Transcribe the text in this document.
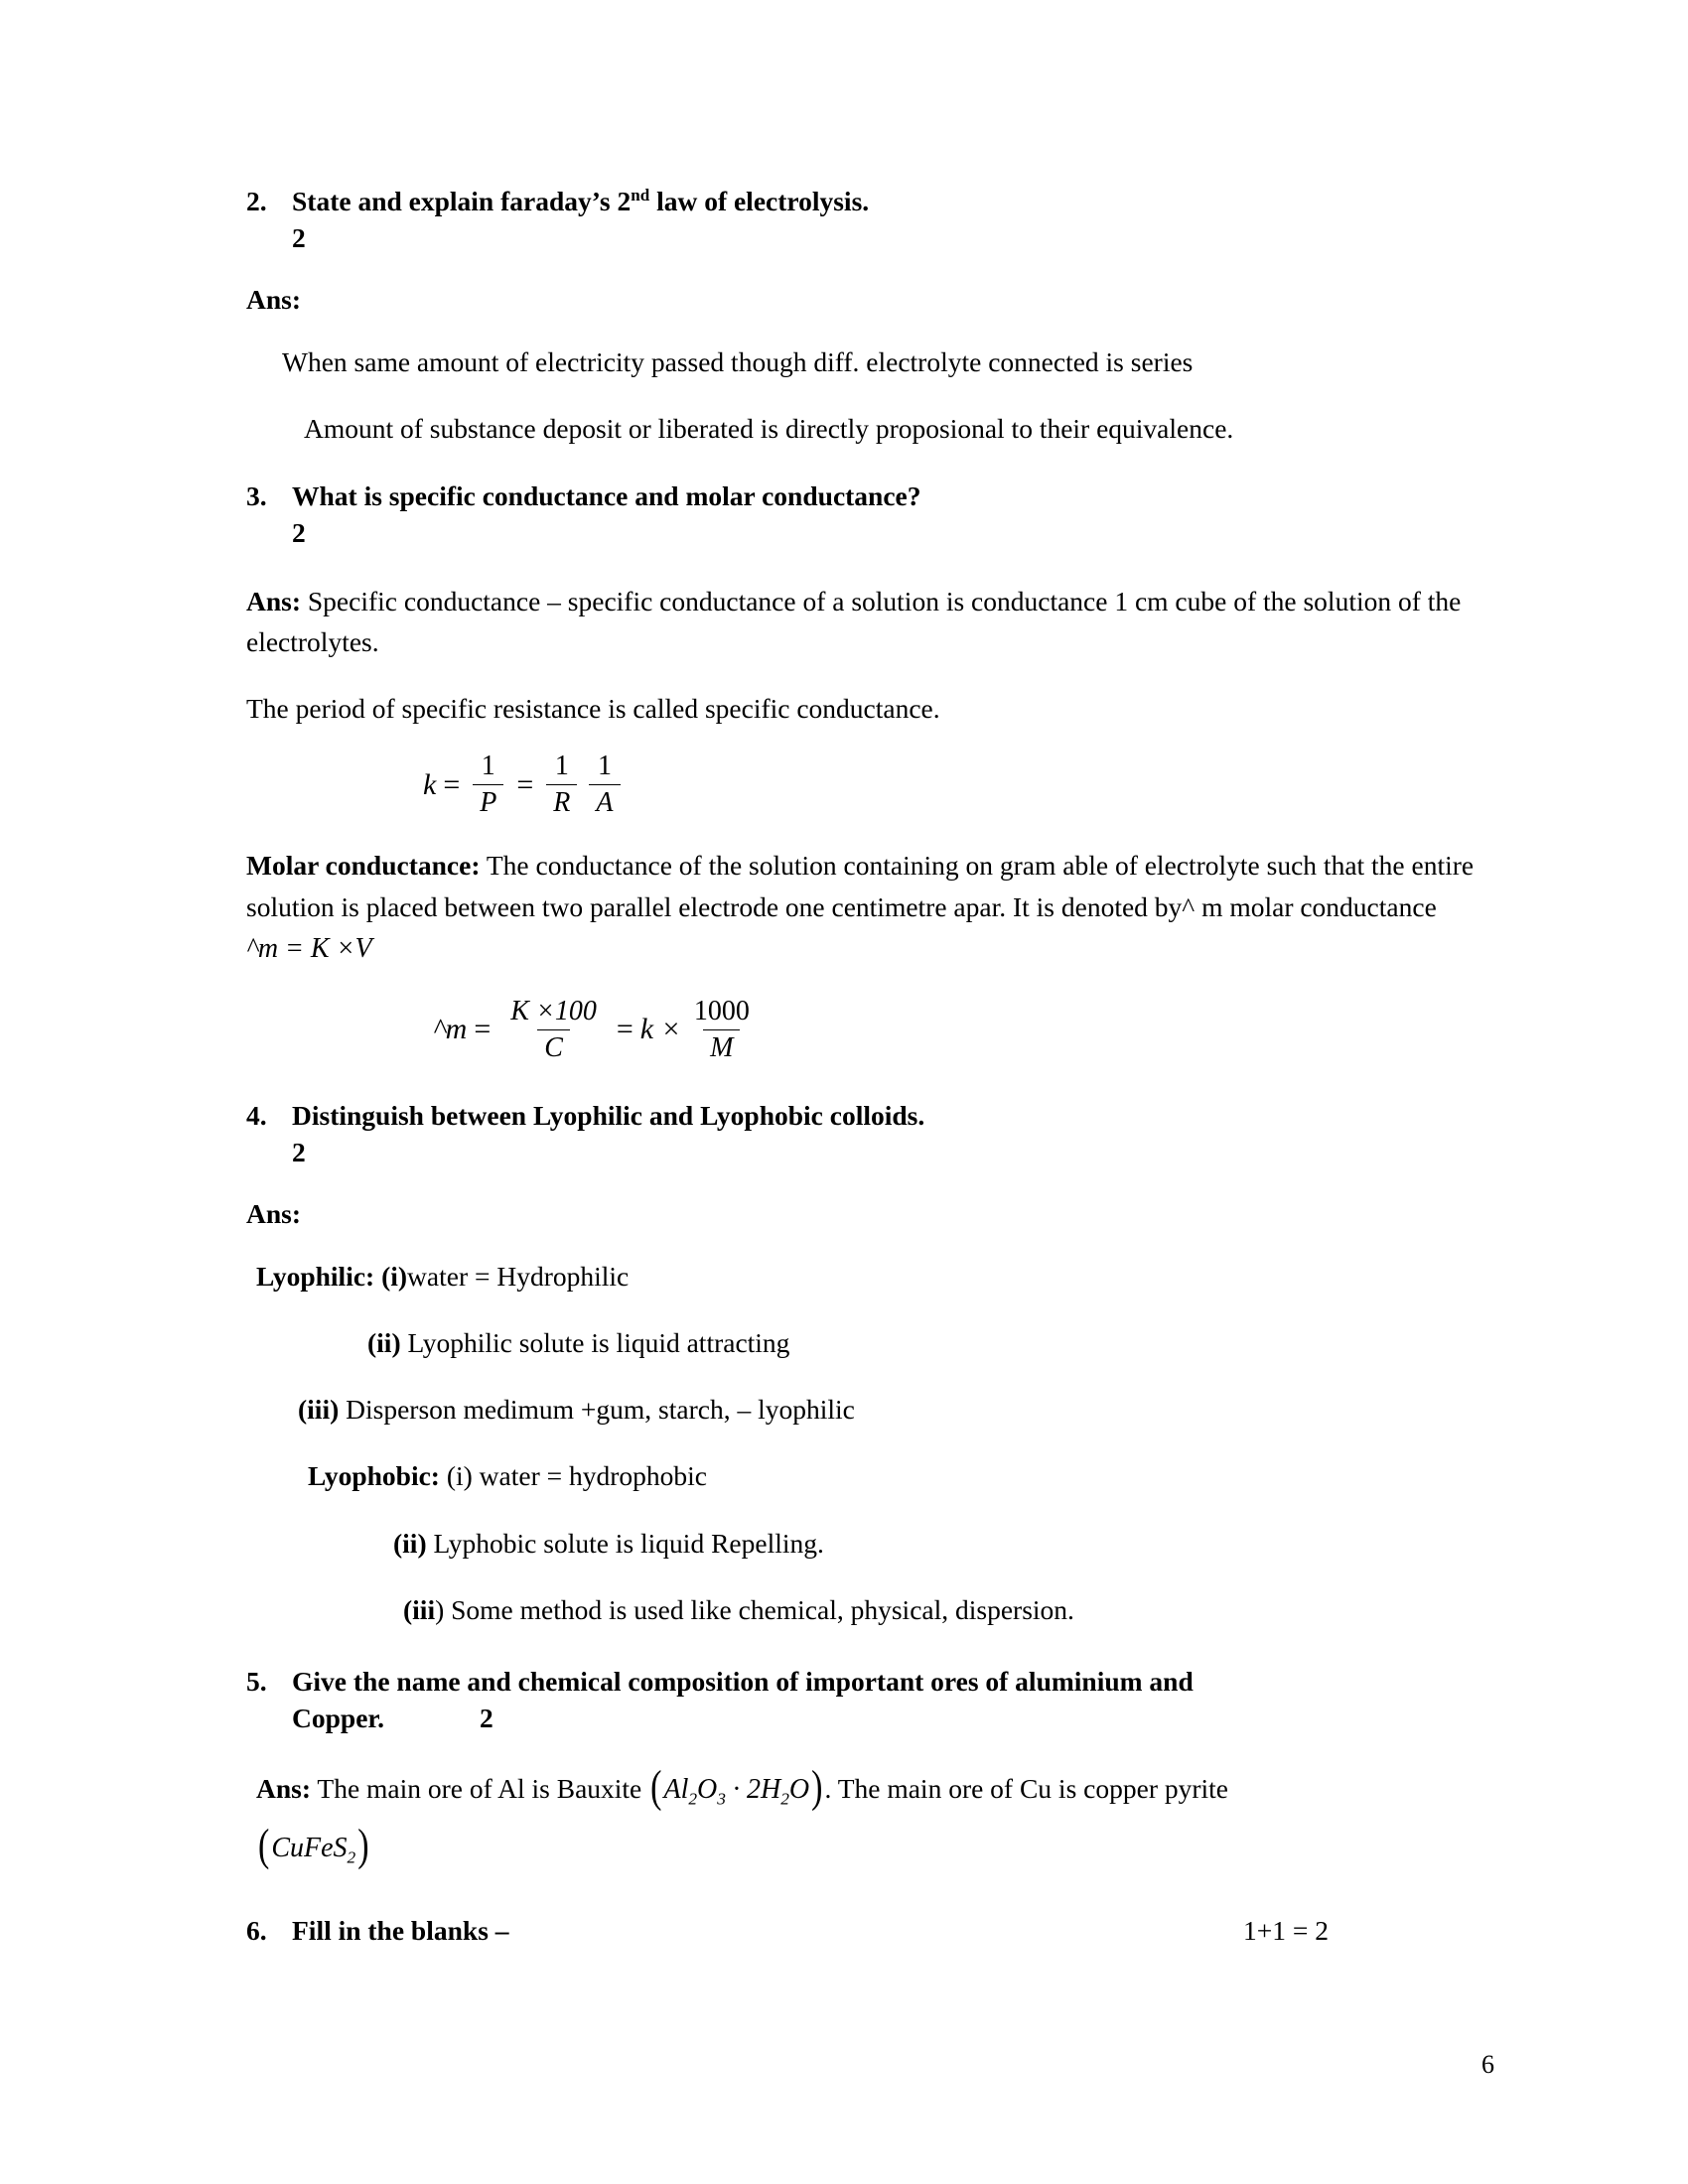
2. State and explain faraday’s 2nd law of electrolysis.
2
Ans:
When same amount of electricity passed though diff. electrolyte connected is series
Amount of substance deposit or liberated is directly proposional to their equivalence.
3. What is specific conductance and molar conductance?
2
Ans: Specific conductance – specific conductance of a solution is conductance 1 cm cube of the solution of the electrolytes.
The period of specific resistance is called specific conductance.
$k = \frac{1}{P} = \frac{1}{R} \frac{1}{A}$
Molar conductance: The conductance of the solution containing on gram able of electrolyte such that the entire solution is placed between two parallel electrode one centimetre apar. It is denoted by^ m molar conductance ^m = K ×V
^m = $\frac{K \times 100}{C} = k \times \frac{1000}{M}$
4. Distinguish between Lyophilic and Lyophobic colloids.
2
Ans:
Lyophilic: (i)water = Hydrophilic
(ii) Lyophilic solute is liquid attracting
(iii) Disperson medimum +gum, starch, – lyophilic
Lyophobic: (i) water = hydrophobic
(ii) Lyphobic solute is liquid Repelling.
(iii) Some method is used like chemical, physical, dispersion.
5. Give the name and chemical composition of important ores of aluminium and
Copper.	2
Ans: The main ore of Al is Bauxite $(Al_2O_3 \cdot 2H_2O)$. The main ore of Cu is copper pyrite
(CuFeS$_2$)
6. Fill in the blanks –	1+1 = 2
6
